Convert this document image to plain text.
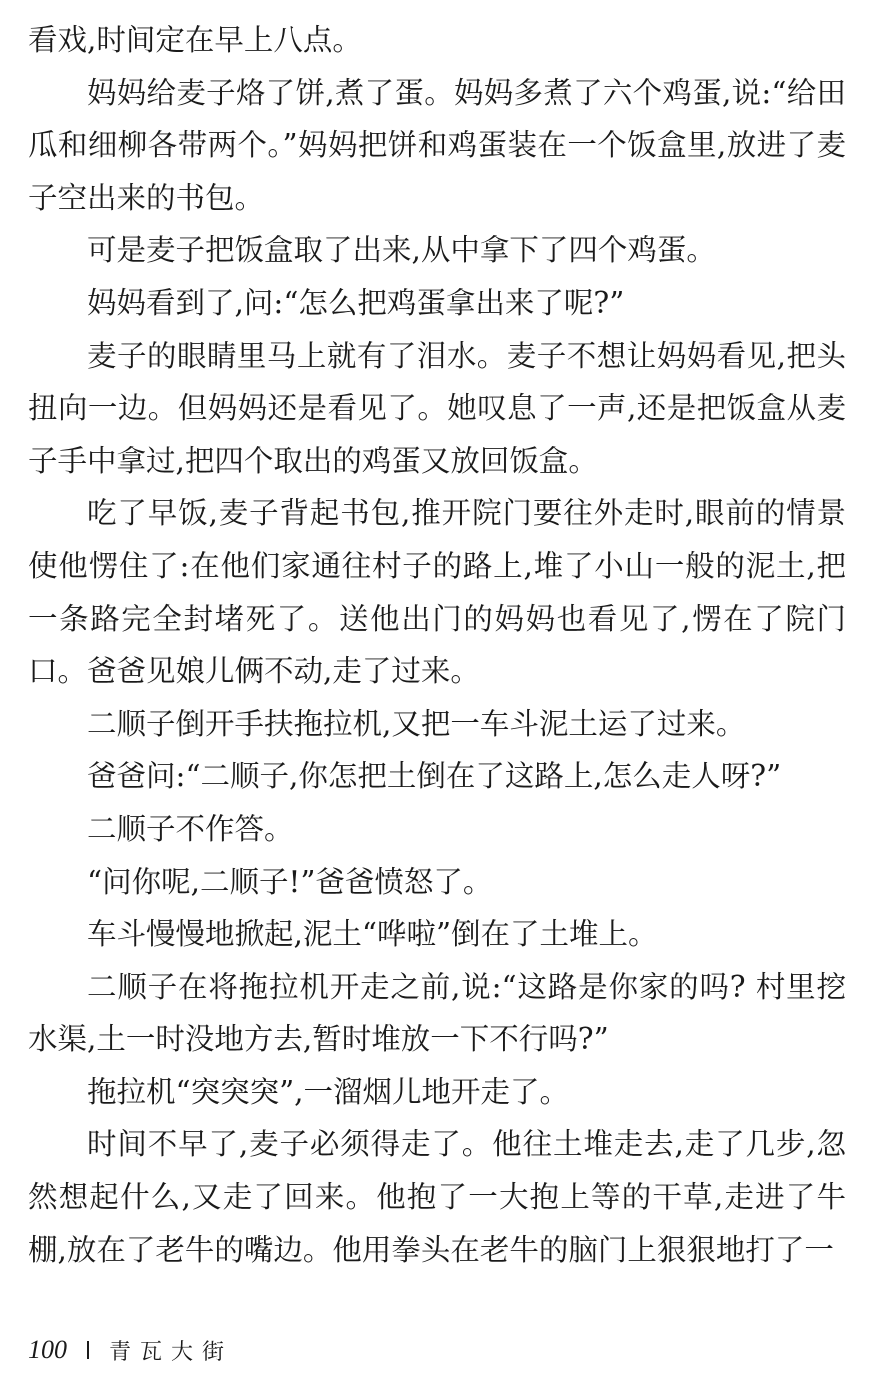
看戏,时间定在早上八点。

妈妈给麦子烙了饼,煮了蛋。妈妈多煮了六个鸡蛋,说:“给田瓜和细柳各带两个。”妈妈把饼和鸡蛋装在一个饭盒里,放进了麦子空出来的书包。

可是麦子把饭盒取了出来,从中拿下了四个鸡蛋。

妈妈看到了,问:“怎么把鸡蛋拿出来了呢?”

麦子的眼睛里马上就有了泪水。麦子不想让妈妈看见,把头扭向一边。但妈妈还是看见了。她叹息了一声,还是把饭盒从麦子手中拿过,把四个取出的鸡蛋又放回饭盒。

吃了早饭,麦子背起书包,推开院门要往外走时,眼前的情景使他愣住了:在他们家通往村子的路上,堆了小山一般的泥土,把一条路完全封堵死了。送他出门的妈妈也看见了,愣在了院门口。爸爸见娘儿俩不动,走了过来。

二顺子倒开手扶拖拉机,又把一车斗泥土运了过来。

爸爸问:“二顺子,你怎把土倒在了这路上,怎么走人呀?”

二顺子不作答。

“问你呢,二顺子!”爸爸愤怒了。

车斗慢慢地掀起,泥土“哗啦”倒在了土堆上。

二顺子在将拖拉机开走之前,说:“这路是你家的吗? 村里挖水渠,土一时没地方去,暂时堆放一下不行吗?”

拖拉机“突突突”,一溜烟儿地开走了。

时间不早了,麦子必须得走了。他往土堆走去,走了几步,忽然想起什么,又走了回来。他抱了一大抱上等的干草,走进了牛棚,放在了老牛的嘴边。他用拳头在老牛的脑门上狠狠地打了一

100 青瓦大街
